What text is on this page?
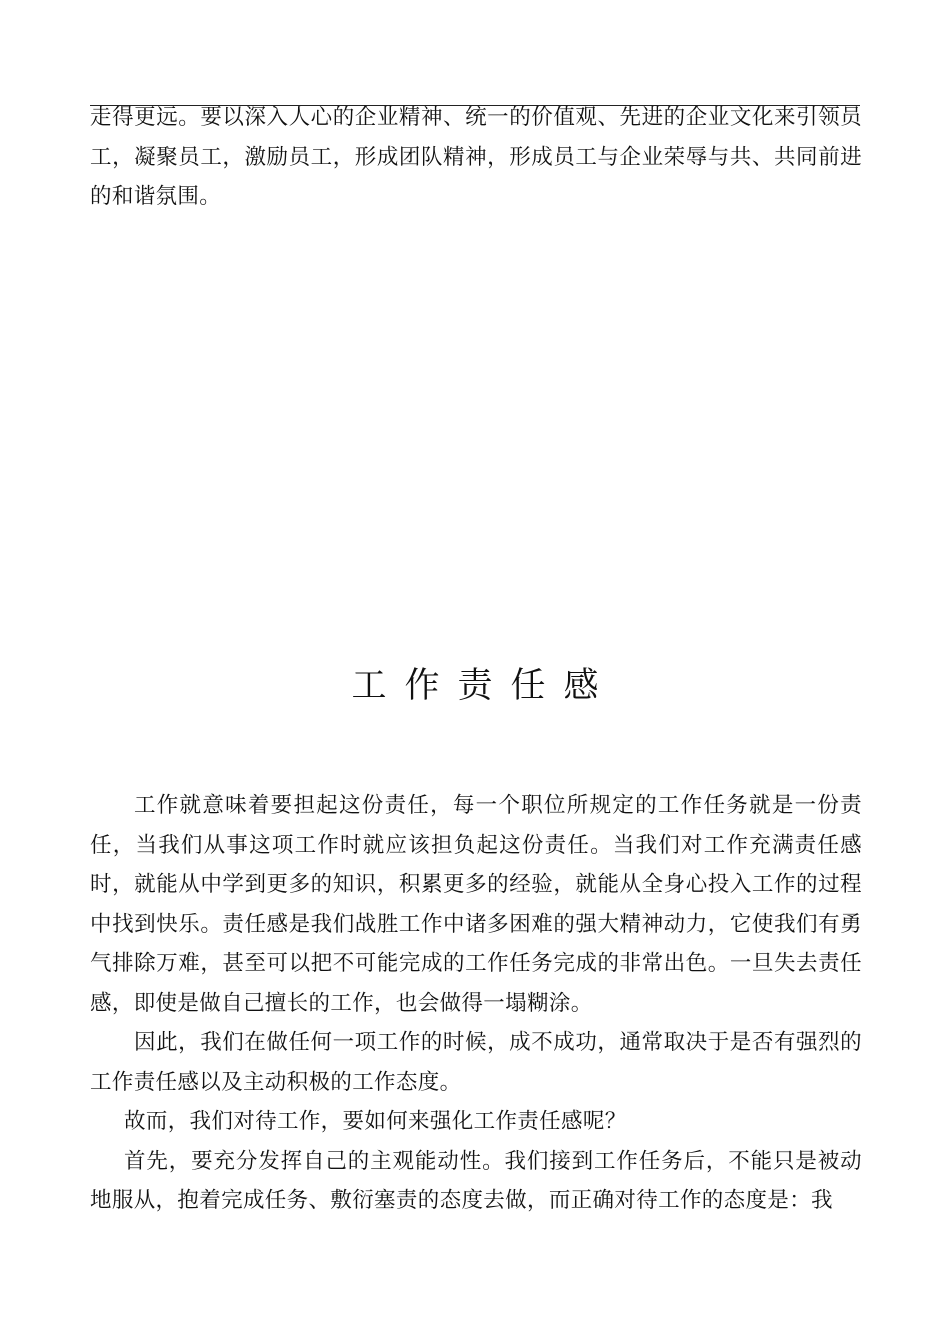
走得更远。要以深入人心的企业精神、统一的价值观、先进的企业文化来引领员工，凝聚员工，激励员工，形成团队精神，形成员工与企业荣辱与共、共同前进的和谐氛围。

工作责任感

工作就意味着要担起这份责任，每一个职位所规定的工作任务就是一份责任，当我们从事这项工作时就应该担负起这份责任。当我们对工作充满责任感时，就能从中学到更多的知识，积累更多的经验，就能从全身心投入工作的过程中找到快乐。责任感是我们战胜工作中诸多困难的强大精神动力，它使我们有勇气排除万难，甚至可以把不可能完成的工作任务完成的非常出色。一旦失去责任感，即使是做自己擅长的工作，也会做得一塌糊涂。

因此，我们在做任何一项工作的时候，成不成功，通常取决于是否有强烈的工作责任感以及主动积极的工作态度。

故而，我们对待工作，要如何来强化工作责任感呢？

首先，要充分发挥自己的主观能动性。我们接到工作任务后，不能只是被动地服从，抱着完成任务、敷衍塞责的态度去做，而正确对待工作的态度是：我
